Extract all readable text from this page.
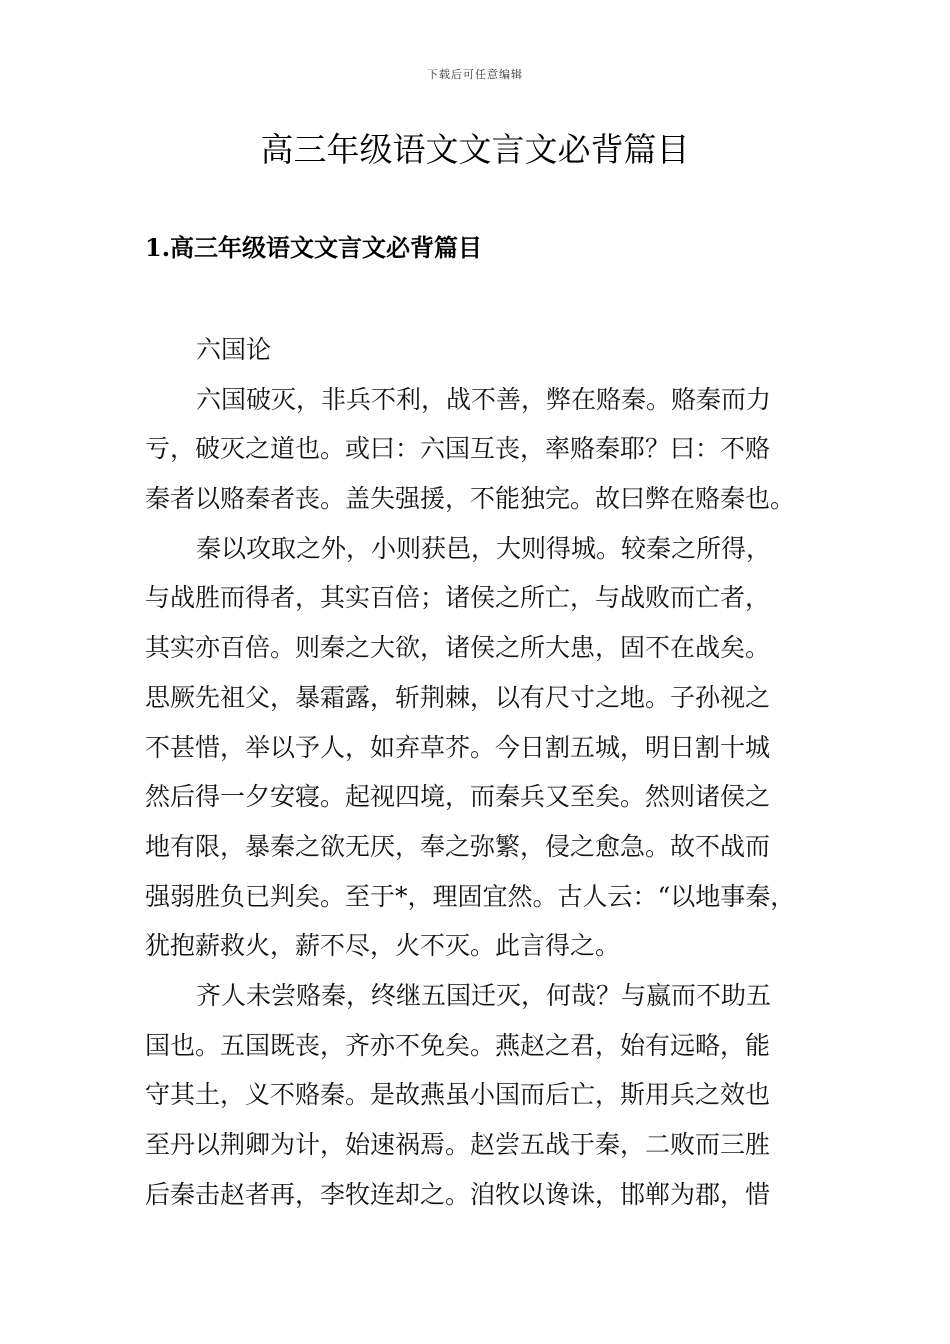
下载后可任意编辑
高三年级语文文言文必背篇目
1.高三年级语文文言文必背篇目
六国论
六国破灭，非兵不利，战不善，弊在赂秦。赂秦而力
亏，破灭之道也。或曰：六国互丧，率赂秦耶？曰：不赂
秦者以赂秦者丧。盖失强援，不能独完。故曰弊在赂秦也。
秦以攻取之外，小则获邑，大则得城。较秦之所得，
与战胜而得者，其实百倍；诸侯之所亡，与战败而亡者，
其实亦百倍。则秦之大欲，诸侯之所大患，固不在战矣。
思厥先祖父，暴霜露，斩荆棘，以有尺寸之地。子孙视之
不甚惜，举以予人，如弃草芥。今日割五城，明日割十城
然后得一夕安寝。起视四境，而秦兵又至矣。然则诸侯之
地有限，暴秦之欲无厌，奉之弥繁，侵之愈急。故不战而
强弱胜负已判矣。至于*，理固宜然。古人云：“以地事秦，
犹抱薪救火，薪不尽，火不灭。此言得之。
齐人未尝赂秦，终继五国迁灭，何哉？与嬴而不助五
国也。五国既丧，齐亦不免矣。燕赵之君，始有远略，能
守其土，义不赂秦。是故燕虽小国而后亡，斯用兵之效也
至丹以荆卿为计，始速祸焉。赵尝五战于秦，二败而三胜
后秦击赵者再，李牧连却之。洎牧以谗诛，邯郸为郡，惜
